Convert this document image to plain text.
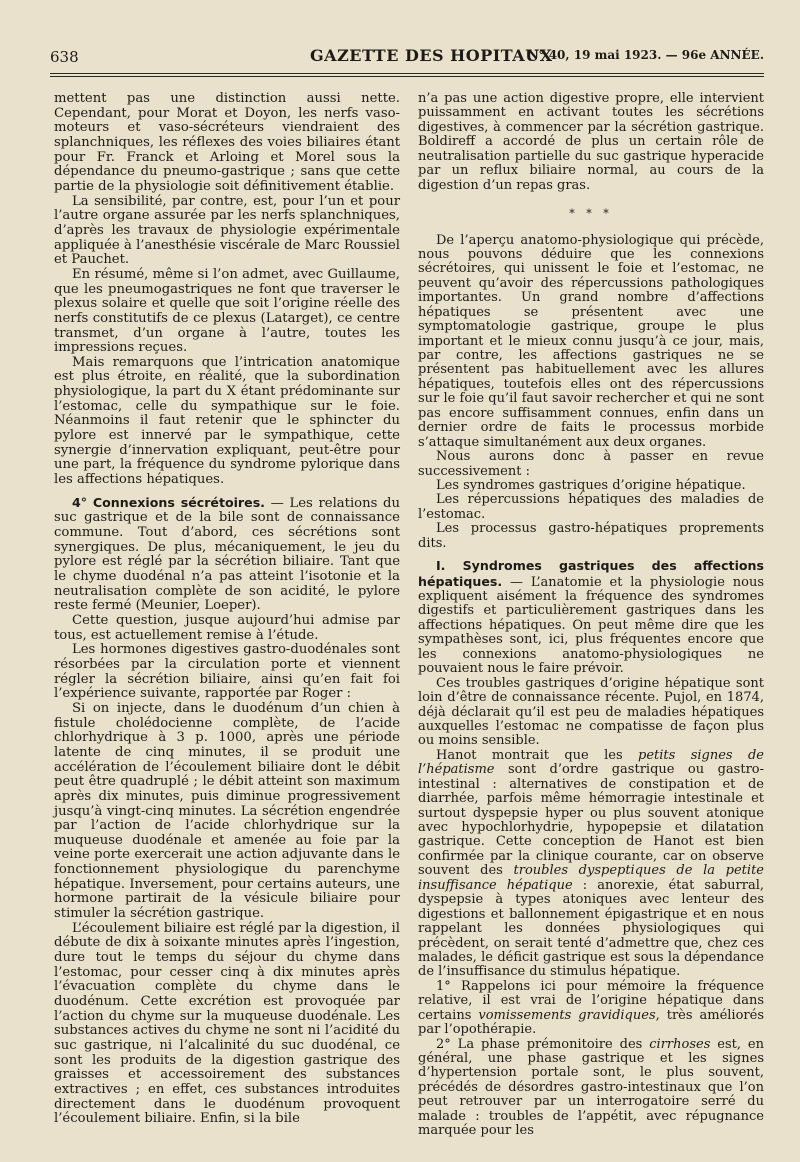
638	GAZETTE DES HOPITAUX
N° 40, 19 mai 1923. — 96e ANNÉE.

mettent pas une distinction aussi nette. Cependant, pour Morat et Doyon, les nerfs vaso-moteurs et vaso-sécréteurs viendraient des splanchniques, les réflexes des voies biliaires étant pour Fr. Franck et Arloing et Morel sous la dépendance du pneumo-gastrique ; sans que cette partie de la physiologie soit définitivement établie.

La sensibilité, par contre, est, pour l’un et pour l’autre organe assurée par les nerfs splanchniques, d’après les travaux de physiologie expérimentale appliquée à l’anesthésie viscérale de Marc Roussiel et Pauchet.

En résumé, même si l’on admet, avec Guillaume, que les pneumogastriques ne font que traverser le plexus solaire et quelle que soit l’origine réelle des nerfs constitutifs de ce plexus (Latarget), ce centre transmet, d’un organe à l’autre, toutes les impressions reçues.

Mais remarquons que l’intrication anatomique est plus étroite, en réalité, que la subordination physiologique, la part du X étant prédominante sur l’estomac, celle du sympathique sur le foie. Néanmoins il faut retenir que le sphincter du pylore est innervé par le sympathique, cette synergie d’innervation expliquant, peut-être pour une part, la fréquence du syndrome pylorique dans les affections hépatiques.

4° Connexions sécrétoires. — Les relations du suc gastrique et de la bile sont de connaissance commune. Tout d’abord, ces sécrétions sont synergiques. De plus, mécaniquement, le jeu du pylore est réglé par la sécrétion biliaire. Tant que le chyme duodénal n’a pas atteint l’isotonie et la neutralisation complète de son acidité, le pylore reste fermé (Meunier, Loeper).

Cette question, jusque aujourd’hui admise par tous, est actuellement remise à l’étude.

Les hormones digestives gastro-duodénales sont résorbées par la circulation porte et viennent régler la sécrétion biliaire, ainsi qu’en fait foi l’expérience suivante, rapportée par Roger :

Si on injecte, dans le duodénum d’un chien à fistule cholédocienne complète, de l’acide chlorhydrique à 3 p. 1000, après une période latente de cinq minutes, il se produit une accélération de l’écoulement biliaire dont le débit peut être quadruplé ; le débit atteint son maximum après dix minutes, puis diminue progressivement jusqu’à vingt-cinq minutes. La sécrétion engendrée par l’action de l’acide chlorhydrique sur la muqueuse duodénale et amenée au foie par la veine porte exercerait une action adjuvante dans le fonctionnement physiologique du parenchyme hépatique. Inversement, pour certains auteurs, une hormone partirait de la vésicule biliaire pour stimuler la sécrétion gastrique.

L’écoulement biliaire est réglé par la digestion, il débute de dix à soixante minutes après l’ingestion, dure tout le temps du séjour du chyme dans l’estomac, pour cesser cinq à dix minutes après l’évacuation complète du chyme dans le duodénum. Cette excrétion est provoquée par l’action du chyme sur la muqueuse duodénale. Les substances actives du chyme ne sont ni l’acidité du suc gastrique, ni l’alcalinité du suc duodénal, ce sont les produits de la digestion gastrique des graisses et accessoirement des substances extractives ; en effet, ces substances introduites directement dans le duodénum provoquent l’écoulement biliaire. Enfin, si la bile

n’a pas une action digestive propre, elle intervient puissamment en activant toutes les sécrétions digestives, à commencer par la sécrétion gastrique. Boldireff a accordé de plus un certain rôle de neutralisation partielle du suc gastrique hyperacide par un reflux biliaire normal, au cours de la digestion d’un repas gras.

* * *

De l’aperçu anatomo-physiologique qui précède, nous pouvons déduire que les connexions sécrétoires, qui unissent le foie et l’estomac, ne peuvent qu’avoir des répercussions pathologiques importantes. Un grand nombre d’affections hépatiques se présentent avec une symptomatologie gastrique, groupe le plus important et le mieux connu jusqu’à ce jour, mais, par contre, les affections gastriques ne se présentent pas habituellement avec les allures hépatiques, toutefois elles ont des répercussions sur le foie qu’il faut savoir rechercher et qui ne sont pas encore suffisamment connues, enfin dans un dernier ordre de faits le processus morbide s’attaque simultanément aux deux organes.

Nous aurons donc à passer en revue successivement :

Les syndromes gastriques d’origine hépatique.

Les répercussions hépatiques des maladies de l’estomac.

Les processus gastro-hépatiques proprements dits.

I. Syndromes gastriques des affections hépatiques. — L’anatomie et la physiologie nous expliquent aisément la fréquence des syndromes digestifs et particulièrement gastriques dans les affections hépatiques. On peut même dire que les sympathèses sont, ici, plus fréquentes encore que les connexions anatomo-physiologiques ne pouvaient nous le faire prévoir.

Ces troubles gastriques d’origine hépatique sont loin d’être de connaissance récente. Pujol, en 1874, déjà déclarait qu’il est peu de maladies hépatiques auxquelles l’estomac ne compatisse de façon plus ou moins sensible.

Hanot montrait que les petits signes de l’hépatisme sont d’ordre gastrique ou gastro-intestinal : alternatives de constipation et de diarrhée, parfois même hémorragie intestinale et surtout dyspepsie hyper ou plus souvent atonique avec hypochlorhydrie, hypopepsie et dilatation gastrique. Cette conception de Hanot est bien confirmée par la clinique courante, car on observe souvent des troubles dyspeptiques de la petite insuffisance hépatique : anorexie, état saburral, dyspepsie à types atoniques avec lenteur des digestions et ballonnement épigastrique et en nous rappelant les données physiologiques qui précèdent, on serait tenté d’admettre que, chez ces malades, le déficit gastrique est sous la dépendance de l’insuffisance du stimulus hépatique.

1° Rappelons ici pour mémoire la fréquence relative, il est vrai de l’origine hépatique dans certains vomissements gravidiques, très améliorés par l’opothérapie.

2° La phase prémonitoire des cirrhoses est, en général, une phase gastrique et les signes d’hypertension portale sont, le plus souvent, précédés de désordres gastro-intestinaux que l’on peut retrouver par un interrogatoire serré du malade : troubles de l’appétit, avec répugnance marquée pour les
